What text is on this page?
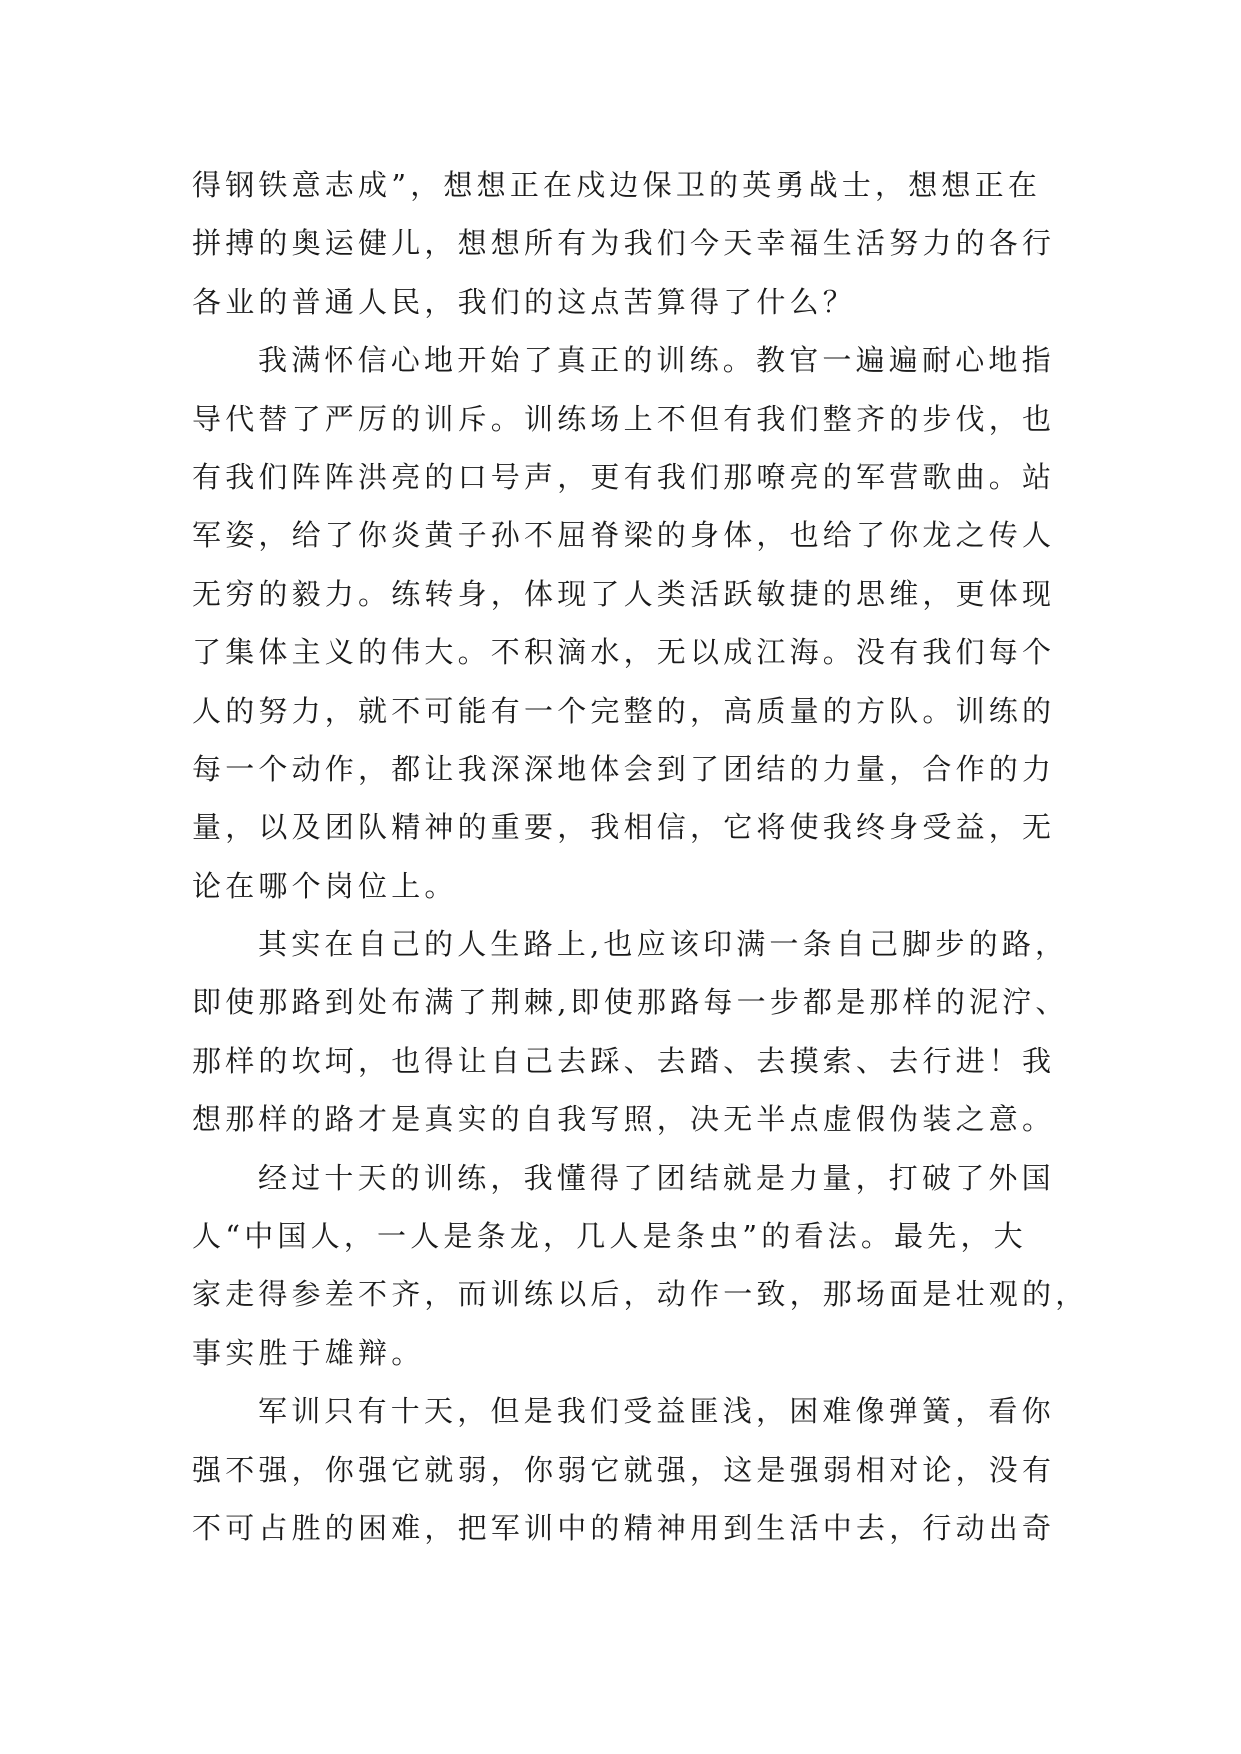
得钢铁意志成”，想想正在戍边保卫的英勇战士，想想正在
拼搏的奥运健儿，想想所有为我们今天幸福生活努力的各行
各业的普通人民，我们的这点苦算得了什么？
我满怀信心地开始了真正的训练。教官一遍遍耐心地指
导代替了严厉的训斥。训练场上不但有我们整齐的步伐，也
有我们阵阵洪亮的口号声，更有我们那嘹亮的军营歌曲。站
军姿，给了你炎黄子孙不屈脊梁的身体，也给了你龙之传人
无穷的毅力。练转身，体现了人类活跃敏捷的思维，更体现
了集体主义的伟大。不积滴水，无以成江海。没有我们每个
人的努力，就不可能有一个完整的，高质量的方队。训练的
每一个动作，都让我深深地体会到了团结的力量，合作的力
量，以及团队精神的重要，我相信，它将使我终身受益，无
论在哪个岗位上。
其实在自己的人生路上,也应该印满一条自己脚步的路，
即使那路到处布满了荆棘,即使那路每一步都是那样的泥泞、
那样的坎坷，也得让自己去踩、去踏、去摸索、去行进！我
想那样的路才是真实的自我写照，决无半点虚假伪装之意。
经过十天的训练，我懂得了团结就是力量，打破了外国
人“中国人，一人是条龙，几人是条虫”的看法。最先，大
家走得参差不齐，而训练以后，动作一致，那场面是壮观的，
事实胜于雄辩。
军训只有十天，但是我们受益匪浅，困难像弹簧，看你
强不强，你强它就弱，你弱它就强，这是强弱相对论，没有
不可占胜的困难，把军训中的精神用到生活中去，行动出奇
